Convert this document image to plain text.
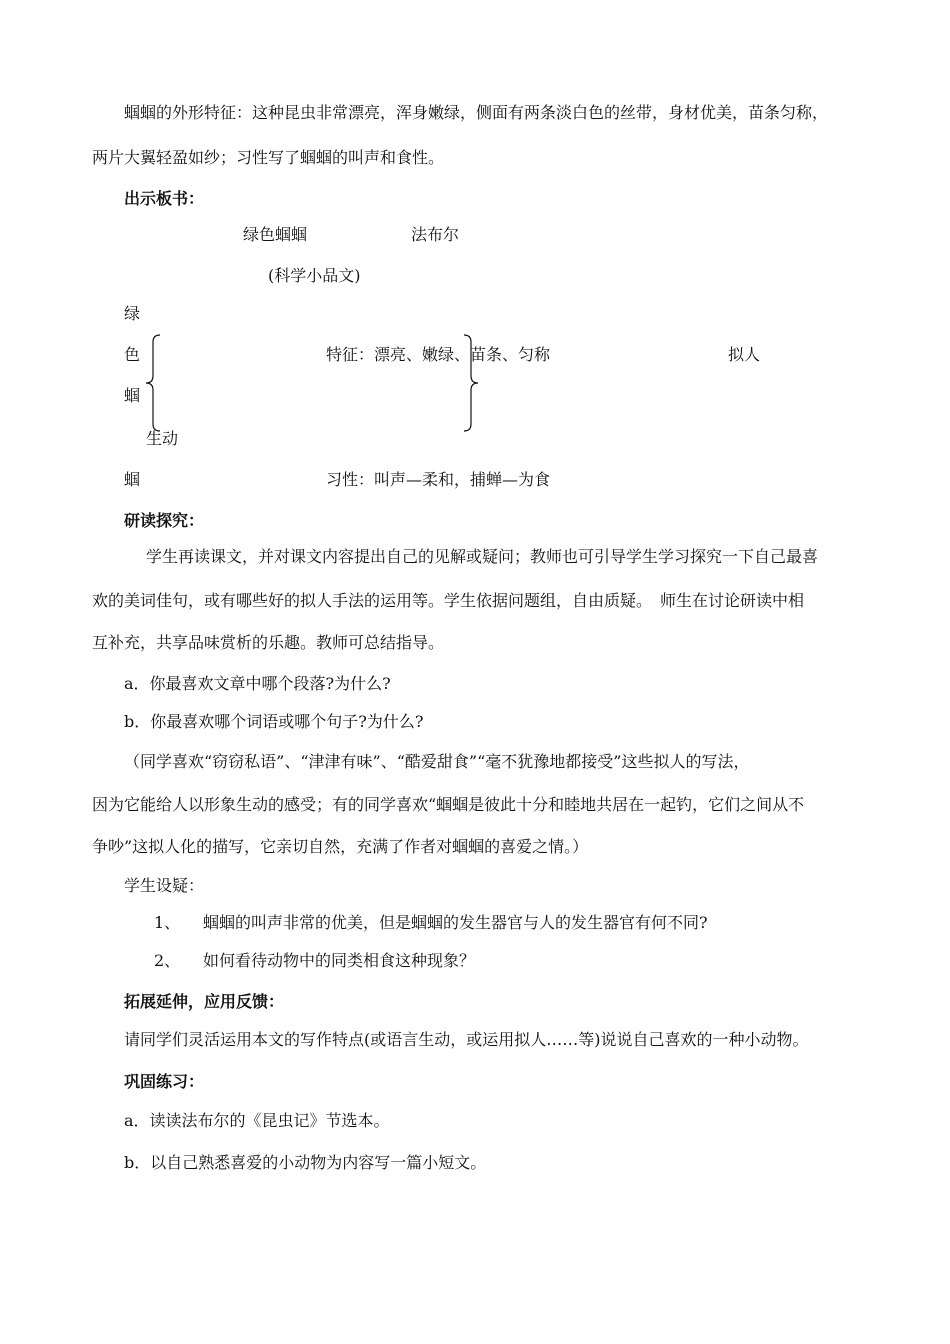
蝈蝈的外形特征：这种昆虫非常漂亮，浑身嫩绿，侧面有两条淡白色的丝带，身材优美，苗条匀称，
两片大翼轻盈如纱；习性写了蝈蝈的叫声和食性。
出示板书：
绿色蝈蝈	法布尔
(科学小品文)
绿
色
蝈
蝈
特征：漂亮、嫩绿、苗条、匀称	拟人
生动
习性：叫声—柔和，捕蝉—为食
研读探究：
学生再读课文，并对课文内容提出自己的见解或疑问；教师也可引导学生学习探究一下自己最喜
欢的美词佳句，或有哪些好的拟人手法的运用等。学生依据问题组，自由质疑。　师生在讨论研读中相
互补充，共享品味赏析的乐趣。教师可总结指导。
a．你最喜欢文章中哪个段落?为什么?
b．你最喜欢哪个词语或哪个句子?为什么?
（同学喜欢“窃窃私语”、“津津有味”、“酷爱甜食”“毫不犹豫地都接受”这些拟人的写法，
因为它能给人以形象生动的感受；有的同学喜欢“蝈蝈是彼此十分和睦地共居在一起钓，它们之间从不
争吵”这拟人化的描写，它亲切自然，充满了作者对蝈蝈的喜爱之情。）
学生设疑：
1、 蝈蝈的叫声非常的优美，但是蝈蝈的发生器官与人的发生器官有何不同?
2、 如何看待动物中的同类相食这种现象？
拓展延伸，应用反馈：
请同学们灵活运用本文的写作特点(或语言生动，或运用拟人……等)说说自己喜欢的一种小动物。
巩固练习：
a．读读法布尔的《昆虫记》节选本。
b．以自己熟悉喜爱的小动物为内容写一篇小短文。
